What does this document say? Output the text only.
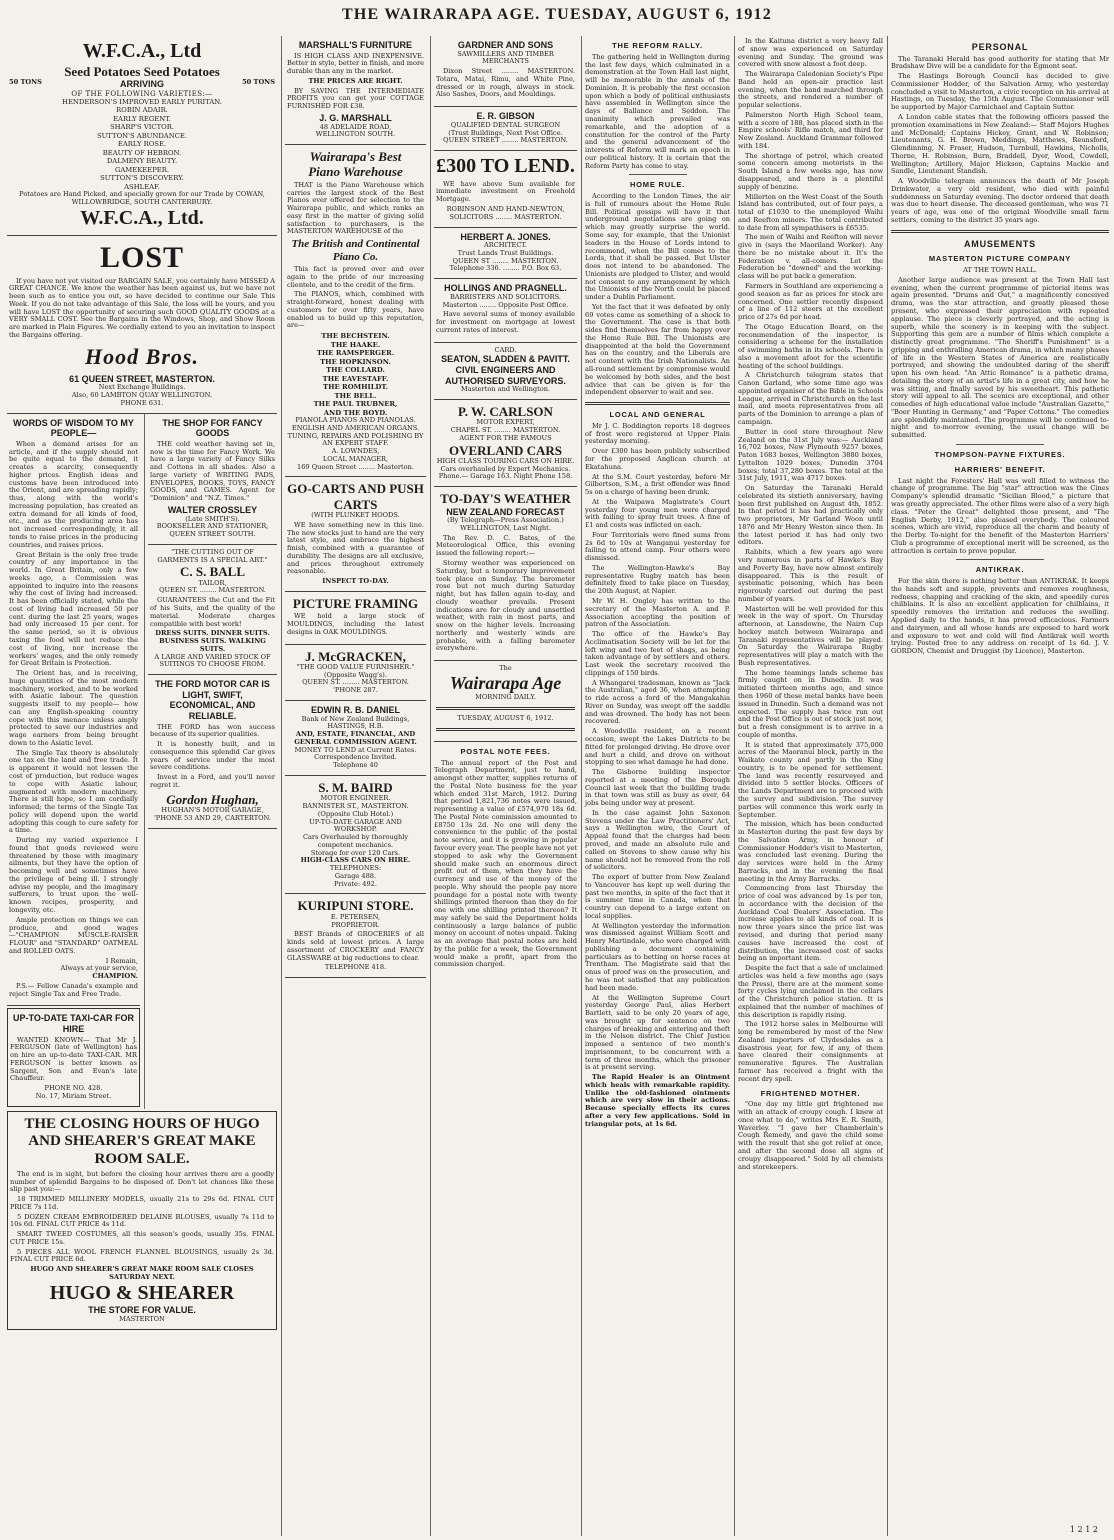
THE WAIRARAPA AGE. TUESDAY, AUGUST 6, 1912
W.F.C.A., Ltd
Seed Potatoes Seed Potatoes
50 TONS	ARRIVING	50 TONS
OF THE FOLLOWING VARIETIES:—
HENDERSON'S IMPROVED EARLY PURITAN.
ROBIN ADAIR.
EARLY REGENT.
SHARP'S VICTOR.
SUTTON'S ABUNDANCE.
EARLY ROSE.
BEAUTY OF HEBRON.
DALMENY BEAUTY.
GAMEKEEPER.
SUTTON'S DISCOVERY.
ASHLEAF.
Potatoes are Hand Picked, and specially grown for our Trade by COWAN, WILLOWBRIDGE, SOUTH CANTERBURY.
W.F.C.A., Ltd.
LOST
If you have not yet visited our BARGAIN SALE, you certainly have MISSED A GREAT CHANCE. We know the weather has been against us, but we have not been such as to entice you out, so have decided to continue our Sale This Week. If you do not take advantage of this Sale, the loss will be yours, and you will have LOST the opportunity of securing such GOOD QUALITY GOODS at a VERY SMALL COST. See the Bargains in the Windows, Shop, and Show Room are marked in Plain Figures. We cordially extend to you an invitation to inspect the Bargains offering.
Hood Bros.
61 QUEEN STREET, MASTERTON.
Next Exchange Buildings.
Also, 60 LAMBTON QUAY WELLINGTON.
PHONE 631.
WORDS OF WISDOM TO MY PEOPLE—
When a demand arises for an article, and if the supply should not be quite equal to the demand, it creates a scarcity, consequently higher prices. English ideas and customs have been introduced into the Orient, and are spreading rapidly; thus, along with the world's increasing population, has created an extra demand for all kinds of food, etc., and as the producing area has not increased correspondingly, it all tends to raise prices in the producing countries, and raises prices.
Great Britain is the only free trade country of any importance in the world. In Great Britain, only a few weeks ago, a Commission was appointed to inquire into the reasons why the cost of living had increased. It has been officially stated, while the cost of living had increased 50 per cent. during the last 25 years, wages had only increased 15 per cent. for the same period, so it is obvious taxing the food will not reduce the cost of living, nor increase the workers' wages, and the only remedy for Great Britain is Protection.
The Orient has, and is receiving, huge quantities of the most modern machinery, worked, and to be worked with Asiatic labour. The question suggests itself to my people— how can any English-speaking country cope with this menace unless amply protected to save our industries and wage earners from being brought down to the Asiatic level.
The Single Tax theory is absolutely one tax on the land and free trade. It is apparent it would not lessen the cost of production, but reduce wages to cope with Asiatic labour, augmented with modern machinery. There is still hope, so I am cordially informed; the terms of the Single Tax policy will depend upon the world adopting this cough to cure safety for a time.
During my varied experience I found that goods reviewed were threatened by those with imaginary ailments, but they have the option of becoming well and sometimes have the privilege of being ill. I strongly advise my people, and the imaginary sufferers, to trust upon the well-known recipes, prosperity, and longevity, etc.
Ample protection on things we can produce, and good wages—"CHAMPION MUSCLE-RAISER FLOUR" and "STANDARD" OATMEAL and ROLLED OATS.
I Remain,
Always at your service,
CHAMPION.
P.S.— Fellow Canada's example and reject Single Tax and Free Trade.
UP-TO-DATE TAXI-CAR FOR HIRE
WANTED KNOWN— That Mr J. FERGUSON (late of Wellington) has on hire an up-to-date TAXI-CAR. MR FERGUSON is better known as Sargent, Son and Evan's late Chauffeur.
PHONE NO. 428.
No. 17, Miriam Street.
THE SHOP FOR FANCY GOODS
THE cold weather having set in, now is the time for Fancy Work. We have a large variety of Fancy Silks and Cottons in all shades. Also a large variety of WRITING PADS, ENVELOPES, BOOKS, TOYS, FANCY GOODS, and GAMES. Agent for "Dominion" and "N.Z. Times."
WALTER CROSSLEY
(Late SMITH'S).
BOOKSELLER AND STATIONER, QUEEN STREET SOUTH.
"THE CUTTING OUT OF GARMENTS IS A SPECIAL ART."
C. S. BALL
TAILOR,
QUEEN ST. ........ MASTERTON.
GUARANTEES the Cut and the Fit of his Suits, and the quality of the material. Moderate charges compatible with best work!
DRESS SUITS. DINNER SUITS. BUSINESS SUITS. WALKING SUITS.
A LARGE AND VARIED STOCK OF SUITINGS TO CHOOSE FROM.
THE FORD MOTOR CAR IS LIGHT, SWIFT, ECONOMICAL, AND RELIABLE.
THE FORD has won success because of its superior qualities.
It is honestly built, and in consequence this splendid Car gives years of service under the most severe conditions.
Invest in a Ford, and you'll never regret it.
Gordon Hughan,
HUGHAN'S MOTOR GARAGE,
'PHONE 53 AND 29, CARTERTON.
THE CLOSING HOURS OF HUGO AND SHEARER'S GREAT MAKE ROOM SALE.
The end is in sight, but before the closing hour arrives there are a goodly number of splendid Bargains to be disposed of. Don't let chances like these slip past you:—
18 TRIMMED MILLINERY MODELS, usually 21s to 29s 6d. FINAL CUT PRICE 7s 11d.
5 DOZEN CREAM EMBROIDERED DELAINE BLOUSES, usually 7s 11d to 10s 6d. FINAL CUT PRICE 4s 11d.
SMART TWEED COSTUMES, all this season's goods, usually 35s. FINAL CUT PRICE 15s.
5 PIECES ALL WOOL FRENCH FLANNEL BLOUSINGS, usually 2s 3d. FINAL CUT PRICE 6d.
HUGO AND SHEARER'S GREAT MAKE ROOM SALE CLOSES SATURDAY NEXT.
HUGO & SHEARER
THE STORE FOR VALUE.
MASTERTON
MARSHALL'S FURNITURE
IS HIGH CLASS AND INEXPENSIVE. Better in style, better in finish, and more durable than any in the market.
THE PRICES ARE RIGHT.
BY SAVING THE INTERMEDIATE PROFITS you can get your COTTAGE FURNISHED FOR £38.
J. G. MARSHALL
48 ADELAIDE ROAD,
WELLINGTON SOUTH.
Wairarapa's Best
Piano Warehouse
THAT is the Piano Warehouse which carries the largest stock of the Best Pianos ever offered for selection to the Wairarapa public, and which ranks an easy first in the matter of giving solid satisfaction to purchasers, is the MASTERTON WAREHOUSE of the
The British and Continental Piano Co.
This fact is proved over and over again to the pride of our increasing clientele, and to the credit of the firm.
The PIANOS, which, combined with straight-forward, honest dealing with customers for over fifty years, have enabled us to build up this reputation, are—
THE BECHSTEIN.
THE HAAKE.
THE RAMSPERGER.
THE HOPKINSON.
THE COLLARD.
THE EAVESTAFF.
THE ROMHILDT.
THE BELL.
THE PAUL TRUBNER,
AND THE BOYD.
PIANOLA PIANOS AND PIANOLAS.
ENGLISH AND AMERICAN ORGANS.
TUNING, REPAIRS AND POLISHING BY AN EXPERT STAFF.
A. LOWNDES,
LOCAL MANAGER,
169 Queen Street ........ Masterton.
GO-CARTS AND PUSH CARTS
(WITH PLUNKET HOODS.
WE have something new in this line. The new stocks just to hand are the very latest style, and embrace the highest finish, combined with a guarantee of durability. The designs are all exclusive, and prices throughout extremely reasonable.
INSPECT TO-DAY.
PICTURE FRAMING
WE hold a large stock of MOULDINGS, including the latest designs in OAK MOULDINGS.
J. McGRACKEN,
"THE GOOD VALUE FURNISHER."
(Opposite Wagg's).
QUEEN ST. ........ MASTERTON.
'PHONE 287.
EDWIN R. B. DANIEL
Bank of New Zealand Buildings, HASTINGS, H.B.
AND, ESTATE, FINANCIAL, AND GENERAL COMMISSION AGENT.
MONEY TO LEND at Current Rates.
Correspondence Invited.
Telephone 40
S. M. BAIRD
MOTOR ENGINEER.
BANNISTER ST., MASTERTON.
(Opposite Club Hotel.)
UP-TO-DATE GARAGE AND WORKSHOP.
Cars Overhauled by thoroughly competent mechanics.
Storage for over 120 Cars.
HIGH-CLASS CARS ON HIRE.
TELEPHONES:
Garage 488.
Private: 492.
KURIPUNI STORE.
E. PETERSEN,
PROPRIETOR.
BEST Brands of GROCERIES of all kinds sold at lowest prices. A large assortment of CROCKERY and FANCY GLASSWARE at big reductions to clear.
TELEPHONE 418.
GARDNER AND SONS
SAWMILLERS AND TIMBER MERCHANTS
Dixon Street ........ MASTERTON. Totara, Matai, Rimu, and White Pine, dressed or in rough, always in stock. Also Sashes, Doors, and Mouldings.
E. R. GIBSON
QUALIFIED DENTAL SURGEON
(Trust Buildings, Next Post Office. QUEEN STREET ........ MASTERTON.
£300 TO LEND.
WE have above Sum available for immediate investment on Freehold Mortgage.
ROBINSON AND HAND-NEWTON, SOLICITORS ........ MASTERTON.
HERBERT A. JONES.
ARCHITECT.
Trust Lands Trust Buildings.
QUEEN ST ........ MASTERTON.
Telephone 336. ........ P.O. Box 63.
HOLLINGS AND PRAGNELL.
BARRISTERS AND SOLICITORS.
Masterton ........ Opposite Post Office.
Have several sums of money available for investment on mortgage at lowest current rates of interest.
CARD.
SEATON, SLADDEN & PAVITT. CIVIL ENGINEERS AND AUTHORISED SURVEYORS.
Masterton and Wellington.
P. W. CARLSON
MOTOR EXPERT,
CHAPEL ST. ........ MASTERTON.
AGENT FOR THE FAMOUS
OVERLAND CARS
HIGH CLASS TOURING CARS ON HIRE.
Cars overhauled by Expert Mechanics.
Phone.— Garage 163. Night Phone 158.
TO-DAY'S WEATHER
NEW ZEALAND FORECAST
(By Telegraph—Press Association.)
WELLINGTON, Last Night.
The Rev. D. C. Bates, of the Meteorological Office, this evening issued the following report:—
Stormy weather was experienced on Saturday, but a temporary improvement took place on Sunday. The barometer rose but not much during Saturday night, but has fallen again to-day, and cloudy weather prevails. Present indications are for cloudy and unsettled weather, with rain in most parts, and snow on the higher levels. Increasing northerly and westerly winds are probable, with a falling barometer everywhere.
The
Wairarapa Age
MORNING DAILY.
TUESDAY, AUGUST 6, 1912.
POSTAL NOTE FEES.
The annual report of the Post and Telegraph Department, just to hand, amongst other matter, supplies returns of the Postal Note business for the year which ended 31st March, 1912. During that period 1,821,736 notes were issued, representing a value of £574,970 18s 6d. The Postal Note commission amounted to £8750 13s 2d. No one will deny the convenience to the public of the postal note service, and it is growing in popular favour every year. The people have not yet stopped to ask why the Government should make such an enormous direct profit out of them, when they have the currency and use of the money of the people. Why should the people pay more poundage for a postal note with twenty shillings printed thereon than they do for one with one shilling printed thereon? It may safely be said the Department holds continuously a large balance of public money on account of notes unpaid. Taking as an average that postal notes are held by the public for a week, the Government would make a profit, apart from the commission charged.
THE REFORM RALLY.
The gathering held in Wellington during the last few days, which culminated in a demonstration at the Town Hall last night, will be memorable in the annals of the Dominion. It is probably the first occasion upon which a body of political enthusiasts have assembled in Wellington since the days of Ballance and Seddon. The unanimity which prevailed was remarkable, and the adoption of a constitution for the control of the Party and the general advancement of the interests of Reform will mark an epoch in our political history. It is certain that the Reform Party has come to stay.
HOME RULE.
According to the London Times, the air is full of rumours about the Home Rule Bill. Political gossips will have it that underground negotiations are going on which may greatly surprise the world. Some say, for example, that the Unionist leaders in the House of Lords intend to recommend, when the Bill comes to the Lords, that it shall be passed. But Ulster does not intend to be abandoned. The Unionists are pledged to Ulster, and would not consent to any arrangement by which the Unionists of the North could be placed under a Dublin Parliament.
Yet the fact that it was defeated by only 69 votes came as something of a shock to the Government. The case is that both sides find themselves far from happy over the Home Rule Bill. The Unionists are disappointed at the hold the Government has on the country, and the Liberals are not content with the Irish Nationalists. An all-round settlement by compromise would be welcomed by both sides, and the best advice that can be given is for the independent observer to wait and see.
LOCAL AND GENERAL
Mr J. C. Boddington reports 18 degrees of frost were registered at Upper Plain yesterday morning.
Over £300 has been publicly subscribed for the proposed Anglican church at Ekatahuna.
At the S.M. Court yesterday, before Mr Gilbertson, S.M., a first offender was fined 5s on a charge of having been drunk.
At the Waipawa Magistrate's Court yesterday four young men were charged with failing to spray fruit trees. A fine of £1 and costs was inflicted on each.
Four Territorials were fined sums from 2s 6d to 10s at Wanganui yesterday for failing to attend camp. Four others were dismissed.
The Wellington-Hawke's Bay representative Rugby match has been definitely fixed to take place on Tuesday, the 20th August, at Napier.
Mr W. H. Ongley has written to the secretary of the Masterton A. and P. Association accepting the position of patron of the Association.
The office of the Hawke's Bay Acclimatisation Society will be let for the left wing and two feet of shags, as being taken advantage of by settlers and others. Last week the secretary received the clippings of 150 birds.
A Whangarei tradesman, known as "Jack the Australian," aged 36, when attempting to ride across a ford of the Mangakahia River on Sunday, was swept off the saddle and was drowned. The body has not been recovered.
A Woodville resident, on a recent occasion, swept the Lakes Districts to be fitted for prolonged driving. He drove over and hurt a child, and drove on without stopping to see what damage he had done.
The Gisborne building inspector reported at a meeting of the Borough Council last week that the building trade in that town was still as busy as ever, 64 jobs being under way at present.
In the case against John Saxonon Stevens under the Law Practitioners' Act, says a Wellington wire, the Court of Appeal found that the charges had been proved, and made an absolute rule and called on Stevens to show cause why his name should not be removed from the roll of solicitors.
The export of butter from New Zealand to Vancouver has kept up well during the past two months, in spite of the fact that it is summer time in Canada, when that country can depend to a large extent on local supplies.
At Wellington yesterday the information was dismissed against William Scott and Henry Martindale, who were charged with publishing a document containing particulars as to betting on horse races at Trentham. The Magistrate said that the onus of proof was on the prosecution, and he was not satisfied that any publication had been made.
At the Wellington Supreme Court yesterday George Paul, alias Herbert Bartlett, said to be only 20 years of age, was brought up for sentence on two charges of breaking and entering and theft in the Nelson district. The Chief Justice imposed a sentence of two month's imprisonment, to be concurrent with a term of three months, which the prisoner is at present serving.
The Rapid Healer is an Ointment which heals with remarkable rapidity. Unlike the old-fashioned ointments which are very slow in their actions. Because specially effects its cures after a very few applications. Sold in triangular pots, at 1s 6d.
In the Kaituna district a very heavy fall of snow was experienced on Saturday evening and Sunday. The ground was covered with snow almost a foot deep.
The Wairarapa Caledonian Society's Pipe Band held an open-air practice last evening, when the band marched through the streets, and rendered a number of popular selections.
Palmerston North High School team, with a score of 188, has placed sixth in the Empire schools' Rifle match, and third for New Zealand. Auckland Grammar followed with 184.
The shortage of petrol, which created some concern among motorists in the South Island a few weeks ago, has now disappeared, and there is a plentiful supply of benzine.
Millerton on the West Coast of the South Island has contributed, out of four pays, a total of £1030 to the unemployed Waihi and Reefton miners. The total contributed to date from all sympathisers is £6535.
The men of Waihi and Reefton will never give in (says the Maoriland Worker). Any there be no mistake about it. It's the Federation v. all-comers. Let the Federation be "downed" and the working-class will be put back a generation.
Farmers in Southland are experiencing a good season as far as prices for stock are concerned. One settler recently disposed of a line of 112 steers at the excellent price of 27s 6d per head.
The Otago Education Board, on the recommendation of the inspector, is considering a scheme for the installation of swimming baths in its schools. There is also a movement afoot for the scientific heating of the school buildings.
A Christchurch telegram states that Canon Garland, who some time ago was appointed organiser of the Bible in Schools League, arrived in Christchurch on the last mail, and meets representatives from all parts of the Dominion to arrange a plan of campaign.
Butter in cool store throughout New Zealand on the 31st July was:— Auckland 16,702 boxes, New Plymouth 9257 boxes, Paton 1683 boxes, Wellington 3880 boxes, Lyttelton 1029 boxes, Dunedin 3704 boxes; total 37,280 boxes. The total at the 31st July, 1911, was 4717 boxes.
On Saturday the Taranaki Herald celebrated its sixtieth anniversary, having been first published on August 4th, 1852. In that period it has had practically only two proprietors, Mr Garland Woon until 1876 and Mr Henry Weston since then. In the latest period it has had only two editors.
Rabbits, which a few years ago were very numerous in parts of Hawke's Bay and Poverty Bay, have now almost entirely disappeared. This is the result of systematic poisoning, which has been rigorously carried out during the past number of years.
Masterton will be well provided for this week in the way of sport. On Thursday afternoon, at Lansdowne, the Nairn Cup hockey match between Wairarapa and Taranaki representatives will be played. On Saturday the Wairarapa Rugby representatives will play a match with the Bush representatives.
The home teamings lands scheme has firmly caught on in Dunedin. It was initiated thirteen months ago, and since then 1960 of these metal banks have been issued in Dunedin. Such a demand was not expected. The supply has twice run out and the Post Office is out of stock just now, but a fresh consignment is to arrive in a couple of months.
It is stated that approximately 375,000 acres of the Maoranui block, partly in the Waikato county and partly in the King country, is to be opened for settlement. The land was recently resurveyed and divided into 5 settler blocks. Officers of the Lands Department are to proceed with the survey and subdivision. The survey parties will commence this work early in September.
The mission, which has been conducted in Masterton during the past few days by the Salvation Army, in honour of Commissioner Hodder's visit to Masterton, was concluded last evening. During the day services were held in the Army Barracks, and in the evening the final meeting in the Army Barracks.
Commencing from last Thursday the price of coal was advanced by 1s per ton, in accordance with the decision of the Auckland Coal Dealers' Association. The increase applies to all kinds of coal. It is now three years since the price list was revised, and during that period many causes have increased the cost of distribution, the increased cost of sacks being an important item.
Despite the fact that a sale of unclaimed articles was held a few months ago (says the Press), there are at the moment some forty cycles lying unclaimed in the cellars of the Christchurch police station. It is explained that the number of machines of this description is rapidly rising.
The 1912 horse sales in Melbourne will long be remembered by most of the New Zealand importers of Clydesdales as a disastrous year, for few, if any, of them have cleared their consignments at remunerative figures. The Australian farmer has received a fright with the recent dry spell.
FRIGHTENED MOTHER.
"One day my little girl frightened me with an attack of croupy cough. I knew at once what to do," writes Mrs E. R. Smith, Waverley. "I gave her Chamberlain's Cough Remedy, and gave the child some with the result that she got relief at once, and after the second dose all signs of croupy disappeared." Sold by all chemists and storekeepers.
PERSONAL
The Taranaki Herald has good authority for stating that Mr Bradshaw Dive will be a candidate for the Egmont seat.
The Hastings Borough Council has decided to give Commissioner Hodder, of the Salvation Army, who yesterday concluded a visit to Masterton, a civic reception on his arrival at Hastings, on Tuesday, the 15th August. The Commissioner will be supported by Major Carmichael and Captain Suttor.
A London cable states that the following officers passed the promotion examinations in New Zealand:— Staff Majors Hughes and McDonald; Captains Hickey, Grant, and W. Robinson; Lieutenants, G. H. Brown, Meddings, Matthews, Reunsford, Glendinning, N. Fraser, Hudson, Turnbull, Hawkins, Nicholls, Thorne, H. Robinson, Burn, Braddell, Dyer, Wood, Cowdell, Wellington; Artillery, Major Hickson, Captains Mackie and Sandle, Lieutenant Standish.
A Woodville telegram announces the death of Mr Joseph Drinkwater, a very old resident, who died with painful suddenness on Saturday evening. The doctor ordered that death was due to heart disease. The deceased gentleman, who was 71 years of age, was one of the original Woodville small farm settlers, coming to the district 35 years ago.
AMUSEMENTS
MASTERTON PICTURE COMPANY
AT THE TOWN HALL.
Another large audience was present at the Town Hall last evening, when the current programme of pictorial items was again presented. "Drums and Out," a magnificently conceived drama, was the star attraction, and greatly pleased those present, who expressed their appreciation with repeated applause. The piece is cleverly portrayed, and the acting is superb, while the scenery is in keeping with the subject. Supporting this gem are a number of films which complete a distinctly great programme. "The Sheriff's Punishment" is a gripping and enthralling American drama, in which many phases of life in the Western States of America are realistically portrayed, and showing the undoubted daring of the sheriff upon his own head. "An Attic Romance" is a pathetic drama, detailing the story of an artist's life in a great city, and how he was sitting, and finally saved by his sweetheart. This pathetic story will appeal to all. The scenics are exceptional, and other comedies of high educational value include "Australian Gazette," "Boer Hunting in Germany," and "Paper Cottons." The comedies are splendidly maintained. The programme will be continued to-night and to-morrow evening, the usual change will be submitted.
THOMPSON-PAYNE FIXTURES.
HARRIERS' BENEFIT.
Last night the Foresters' Hall was well filled to witness the change of programme. The big "star" attraction was the Cines Company's splendid dramatic "Sicilian Blood," a picture that was greatly appreciated. The other films were also of a very high class. "Peter the Great" delighted those present, and "The English Derby, 1912," also pleased everybody. The coloured scenes, which are vivid, reproduce all the charm and beauty of the Derby. To-night for the benefit of the Masterton Harriers' Club a programme of exceptional merit will be screened, as the attraction is certain to prove popular.
ANTIKRAK.
For the skin there is nothing better than ANTIKRAK. It keeps the hands soft and supple, prevents and removes roughness, redness, chapping and cracking of the skin, and speedily cures chilblains. It is also an excellent application for chilblains, it speedily removes the irritation and reduces the swelling. Applied daily to the hands, it has proved efficacious. Farmers and dairymen, and all whose hands are exposed to hard work and exposure to wet and cold will find Antikrak well worth trying. Posted free to any address on receipt of 1s 6d. J. V. GORDON, Chemist and Druggist (by Licence), Masterton.
1 2 1 2
